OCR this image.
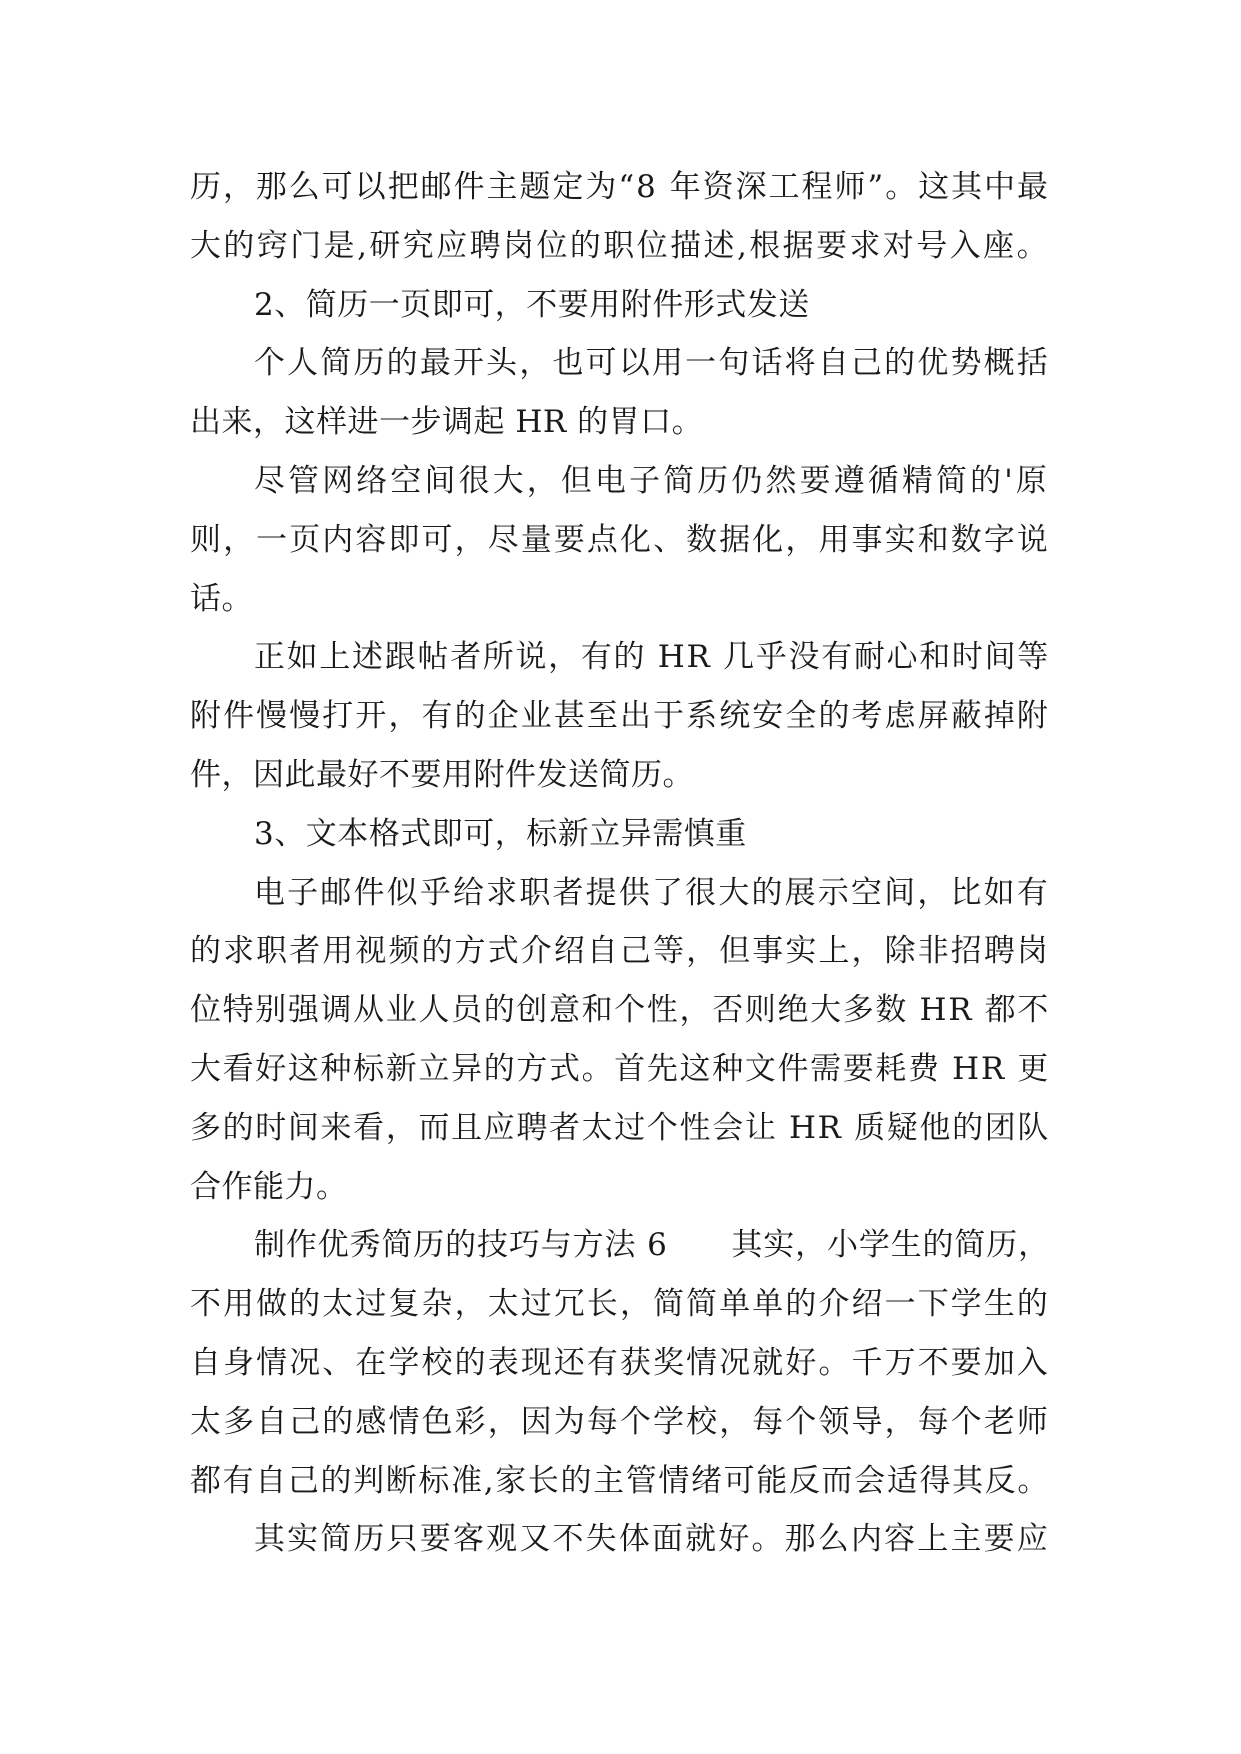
历，那么可以把邮件主题定为“8 年资深工程师”。这其中最
大的窍门是,研究应聘岗位的职位描述,根据要求对号入座。
2、简历一页即可，不要用附件形式发送
个人简历的最开头，也可以用一句话将自己的优势概括
出来，这样进一步调起 HR 的胃口。
尽管网络空间很大，但电子简历仍然要遵循精简的'原
则，一页内容即可，尽量要点化、数据化，用事实和数字说
话。
正如上述跟帖者所说，有的 HR 几乎没有耐心和时间等
附件慢慢打开，有的企业甚至出于系统安全的考虑屏蔽掉附
件，因此最好不要用附件发送简历。
3、文本格式即可，标新立异需慎重
电子邮件似乎给求职者提供了很大的展示空间，比如有
的求职者用视频的方式介绍自己等，但事实上，除非招聘岗
位特别强调从业人员的创意和个性，否则绝大多数 HR 都不
大看好这种标新立异的方式。首先这种文件需要耗费 HR 更
多的时间来看，而且应聘者太过个性会让 HR 质疑他的团队
合作能力。
制作优秀简历的技巧与方法 6　　其实，小学生的简历，
不用做的太过复杂，太过冗长，简简单单的介绍一下学生的
自身情况、在学校的表现还有获奖情况就好。千万不要加入
太多自己的感情色彩，因为每个学校，每个领导，每个老师
都有自己的判断标准,家长的主管情绪可能反而会适得其反。
其实简历只要客观又不失体面就好。那么内容上主要应
